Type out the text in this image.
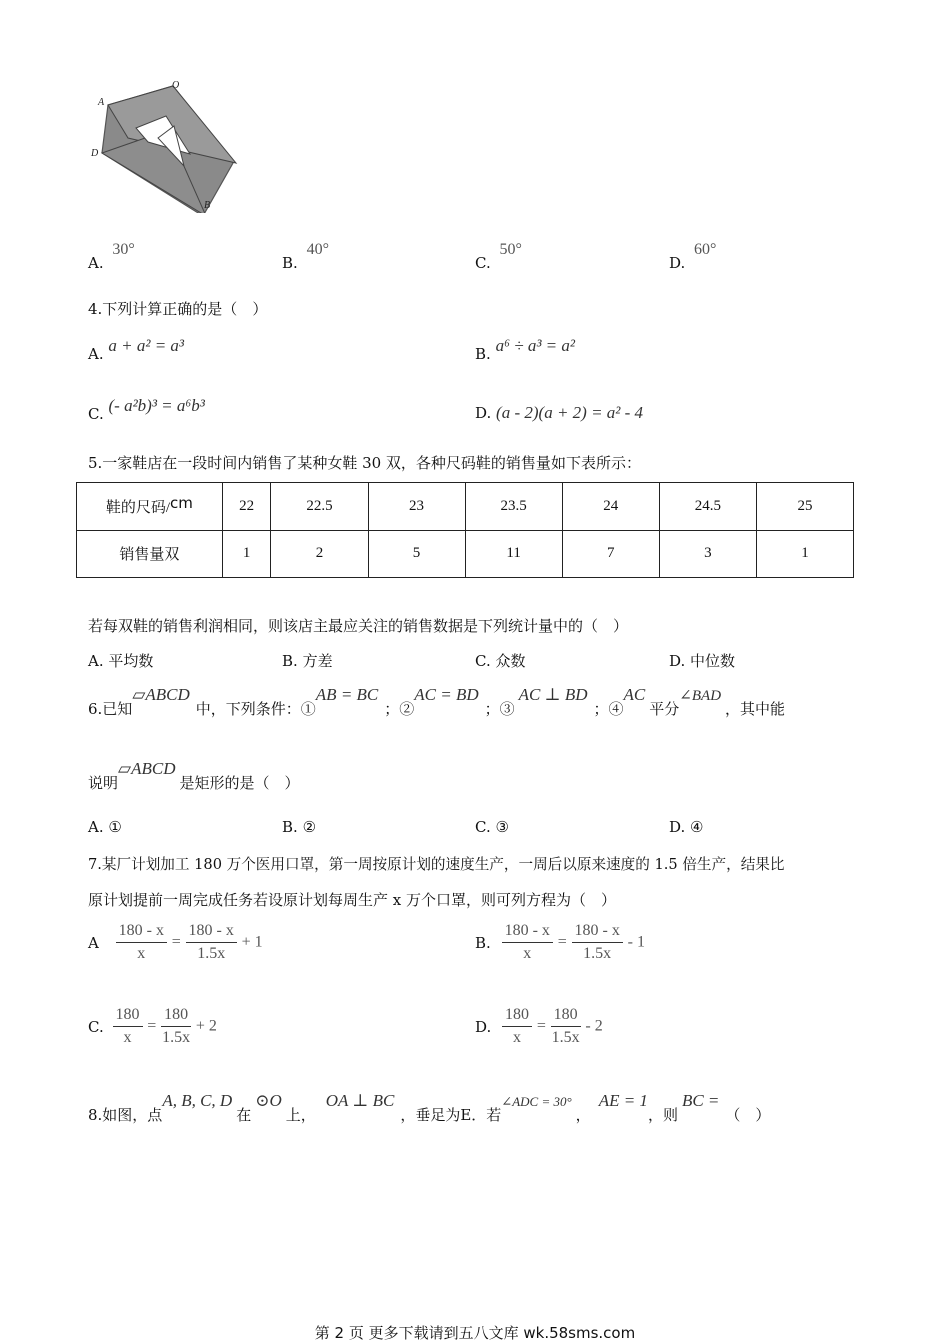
A
O
D
B
A. 30°
B. 40°
C. 50°
D. 60°
4.下列计算正确的是（　）
A. a + a² = a³	B. a⁶ ÷ a³ = a²
C. (- a²b)³ = a⁶b³	D. (a - 2)(a + 2) = a² - 4
5.一家鞋店在一段时间内销售了某种女鞋 30 双，各种尺码鞋的销售量如下表所示：
鞋的尺码/cm	22	22.5	23	23.5	24	24.5	25
销售量双	1	2	5	11	7	3	1
若每双鞋的销售利润相同，则该店主最应关注的销售数据是下列统计量中的（　）
A. 平均数	B. 方差	C. 众数	D. 中位数
6.已知▱ABCD中，下列条件：①AB = BC；②AC = BD；③AC ⊥ BD；④AC平分∠BAD，其中能
说明▱ABCD是矩形的是（　）
A. ①	B. ②	C. ③	D. ④
7.某厂计划加工 180 万个医用口罩，第一周按原计划的速度生产，一周后以原来速度的 1.5 倍生产，结果比
原计划提前一周完成任务若设原计划每周生产 x 万个口罩，则可列方程为（　）
A $\frac{180 - x}{x} = \frac{180 - x}{1.5x} + 1$	B. $\frac{180 - x}{x} = \frac{180 - x}{1.5x} - 1$
C. $\frac{180}{x} = \frac{180}{1.5x} + 2$	D. $\frac{180}{x} = \frac{180}{1.5x} - 2$
8.如图，点A, B, C, D在⊙O上，OA ⊥ BC，垂足为E．若∠ADC = 30°，AE = 1，则BC =（　）
第 2 页 更多下载请到五八文库 wk.58sms.com
